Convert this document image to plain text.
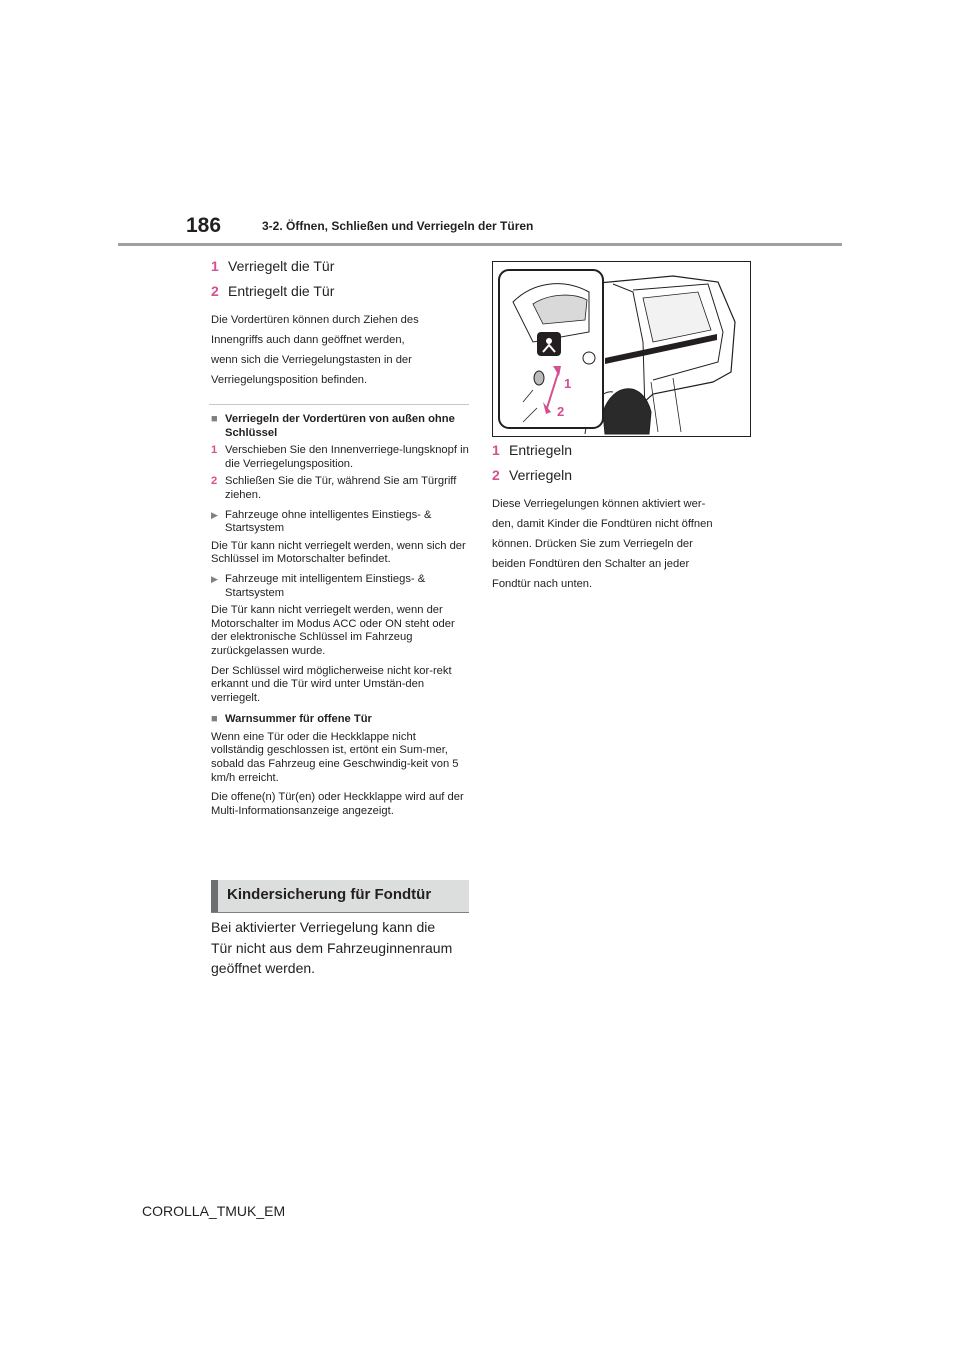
186	3-2. Öffnen, Schließen und Verriegeln der Türen

1 Verriegelt die Tür

2 Entriegelt die Tür

Die Vordertüren können durch Ziehen des
Innengriffs auch dann geöffnet werden,
wenn sich die Verriegelungstasten in der
Verriegelungsposition befinden.

■ Verriegeln der Vordertüren von außen ohne Schlüssel
1 Verschieben Sie den Innenverriege-lungsknopf in die Verriegelungsposition.
2 Schließen Sie die Tür, während Sie am Türgriff ziehen.
▶ Fahrzeuge ohne intelligentes Einstiegs- & Startsystem

Die Tür kann nicht verriegelt werden, wenn sich der Schlüssel im Motorschalter befindet.

▶ Fahrzeuge mit intelligentem Einstiegs- & Startsystem

Die Tür kann nicht verriegelt werden, wenn der Motorschalter im Modus ACC oder ON steht oder der elektronische Schlüssel im Fahrzeug zurückgelassen wurde.

Der Schlüssel wird möglicherweise nicht kor-rekt erkannt und die Tür wird unter Umstän-den verriegelt.

■ Warnsummer für offene Tür

Wenn eine Tür oder die Heckklappe nicht vollständig geschlossen ist, ertönt ein Sum-mer, sobald das Fahrzeug eine Geschwindig-keit von 5 km/h erreicht.

Die offene(n) Tür(en) oder Heckklappe wird auf der Multi-Informationsanzeige angezeigt.

Kindersicherung für Fondtür
Bei aktivierter Verriegelung kann die
Tür nicht aus dem Fahrzeuginnenraum
geöffnet werden.
1
2

1 Entriegeln

2 Verriegeln

Diese Verriegelungen können aktiviert wer-
den, damit Kinder die Fondtüren nicht öffnen
können. Drücken Sie zum Verriegeln der
beiden Fondtüren den Schalter an jeder
Fondtür nach unten.

COROLLA_TMUK_EM
